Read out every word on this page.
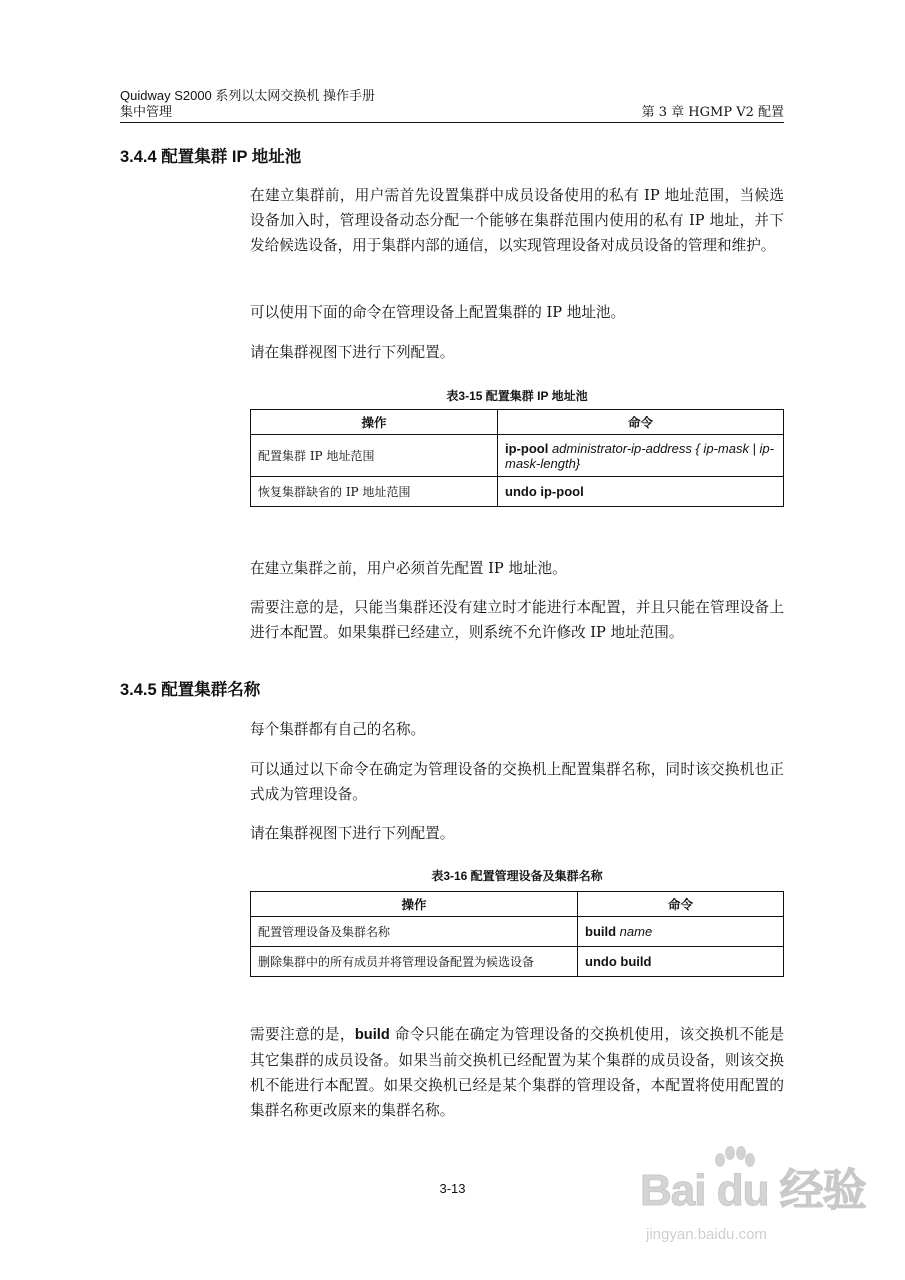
Quidway S2000 系列以太网交换机 操作手册
集中管理	第 3 章 HGMP V2 配置
3.4.4 配置集群 IP 地址池

在建立集群前，用户需首先设置集群中成员设备使用的私有 IP 地址范围，当候选设备加入时，管理设备动态分配一个能够在集群范围内使用的私有 IP 地址，并下发给候选设备，用于集群内部的通信，以实现管理设备对成员设备的管理和维护。

可以使用下面的命令在管理设备上配置集群的 IP 地址池。

请在集群视图下进行下列配置。

表3-15 配置集群 IP 地址池
操作	命令
配置集群 IP 地址范围	ip-pool administrator-ip-address { ip-mask | ip-mask-length}
恢复集群缺省的 IP 地址范围	undo ip-pool

在建立集群之前，用户必须首先配置 IP 地址池。

需要注意的是，只能当集群还没有建立时才能进行本配置，并且只能在管理设备上进行本配置。如果集群已经建立，则系统不允许修改 IP 地址范围。

3.4.5 配置集群名称

每个集群都有自己的名称。

可以通过以下命令在确定为管理设备的交换机上配置集群名称，同时该交换机也正式成为管理设备。

请在集群视图下进行下列配置。

表3-16 配置管理设备及集群名称
操作	命令
配置管理设备及集群名称	build name
删除集群中的所有成员并将管理设备配置为候选设备	undo build

需要注意的是，build 命令只能在确定为管理设备的交换机使用，该交换机不能是其它集群的成员设备。如果当前交换机已经配置为某个集群的成员设备，则该交换机不能进行本配置。如果交换机已经是某个集群的管理设备，本配置将使用配置的集群名称更改原来的集群名称。

3-13	Bai du 经验
jingyan.baidu.com
